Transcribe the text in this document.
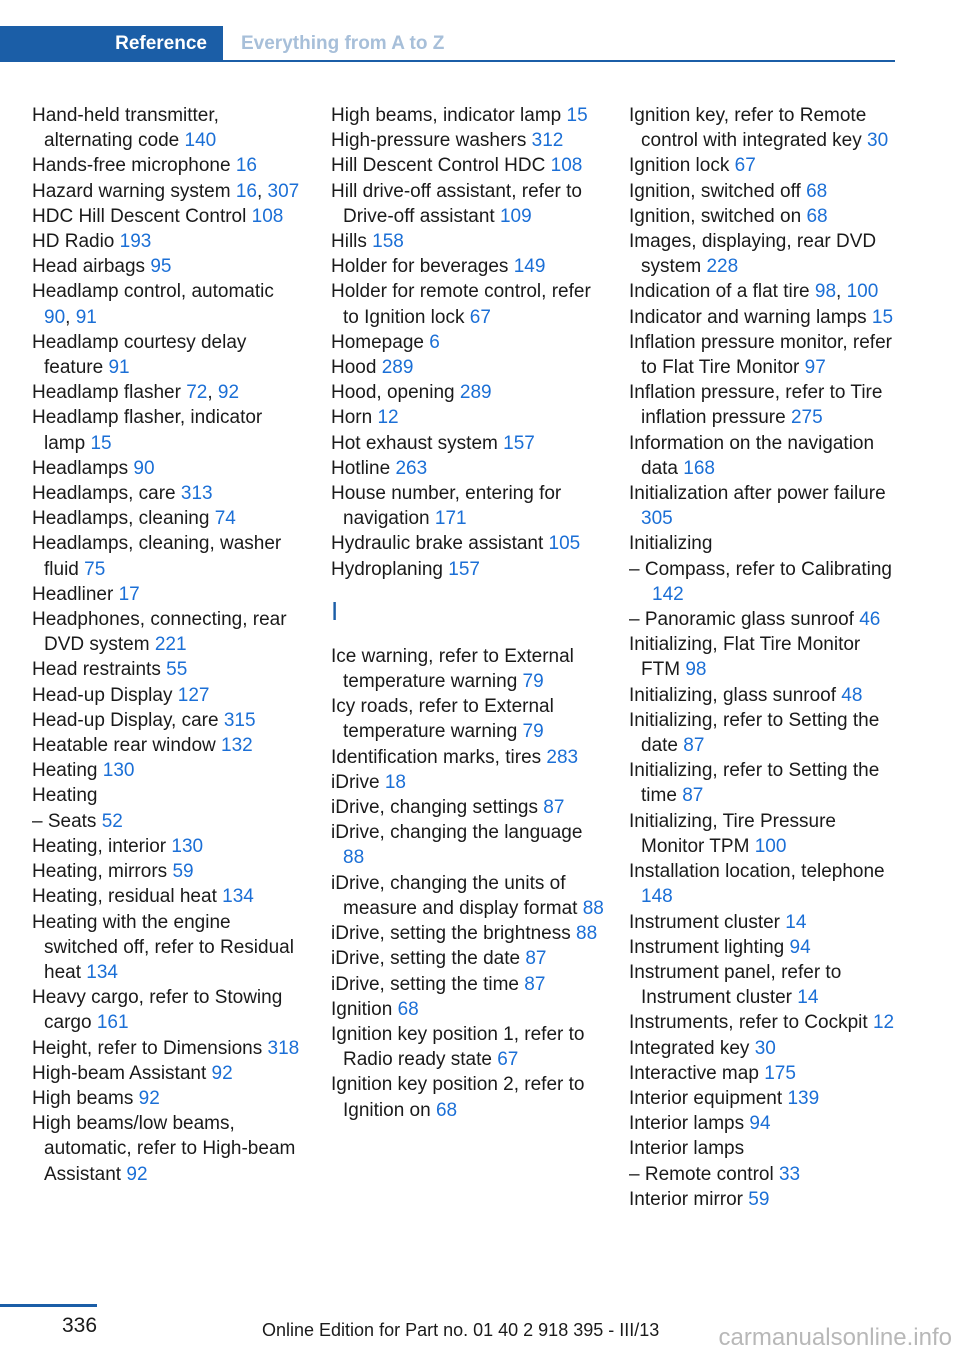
Reference	Everything from A to Z
Hand-held transmitter, alternating code 140
Hands-free microphone 16
Hazard warning system 16, 307
HDC Hill Descent Control 108
HD Radio 193
Head airbags 95
Headlamp control, automatic 90, 91
Headlamp courtesy delay feature 91
Headlamp flasher 72, 92
Headlamp flasher, indicator lamp 15
Headlamps 90
Headlamps, care 313
Headlamps, cleaning 74
Headlamps, cleaning, washer fluid 75
Headliner 17
Headphones, connecting, rear DVD system 221
Head restraints 55
Head-up Display 127
Head-up Display, care 315
Heatable rear window 132
Heating 130
Heating
– Seats 52
Heating, interior 130
Heating, mirrors 59
Heating, residual heat 134
Heating with the engine switched off, refer to Residual heat 134
Heavy cargo, refer to Stowing cargo 161
Height, refer to Dimensions 318
High-beam Assistant 92
High beams 92
High beams/low beams, automatic, refer to High-beam Assistant 92
High beams, indicator lamp 15
High-pressure washers 312
Hill Descent Control HDC 108
Hill drive-off assistant, refer to Drive-off assistant 109
Hills 158
Holder for beverages 149
Holder for remote control, refer to Ignition lock 67
Homepage 6
Hood 289
Hood, opening 289
Horn 12
Hot exhaust system 157
Hotline 263
House number, entering for navigation 171
Hydraulic brake assistant 105
Hydroplaning 157
I
Ice warning, refer to External temperature warning 79
Icy roads, refer to External temperature warning 79
Identification marks, tires 283
iDrive 18
iDrive, changing settings 87
iDrive, changing the language 88
iDrive, changing the units of measure and display format 88
iDrive, setting the brightness 88
iDrive, setting the date 87
iDrive, setting the time 87
Ignition 68
Ignition key position 1, refer to Radio ready state 67
Ignition key position 2, refer to Ignition on 68
Ignition key, refer to Remote control with integrated key 30
Ignition lock 67
Ignition, switched off 68
Ignition, switched on 68
Images, displaying, rear DVD system 228
Indication of a flat tire 98, 100
Indicator and warning lamps 15
Inflation pressure monitor, refer to Flat Tire Monitor 97
Inflation pressure, refer to Tire inflation pressure 275
Information on the navigation data 168
Initialization after power failure 305
Initializing
– Compass, refer to Calibrating 142
– Panoramic glass sunroof 46
Initializing, Flat Tire Monitor FTM 98
Initializing, glass sunroof 48
Initializing, refer to Setting the date 87
Initializing, refer to Setting the time 87
Initializing, Tire Pressure Monitor TPM 100
Installation location, telephone 148
Instrument cluster 14
Instrument lighting 94
Instrument panel, refer to Instrument cluster 14
Instruments, refer to Cockpit 12
Integrated key 30
Interactive map 175
Interior equipment 139
Interior lamps 94
Interior lamps
– Remote control 33
Interior mirror 59
336	Online Edition for Part no. 01 40 2 918 395 - III/13 carmanualsonline.info
